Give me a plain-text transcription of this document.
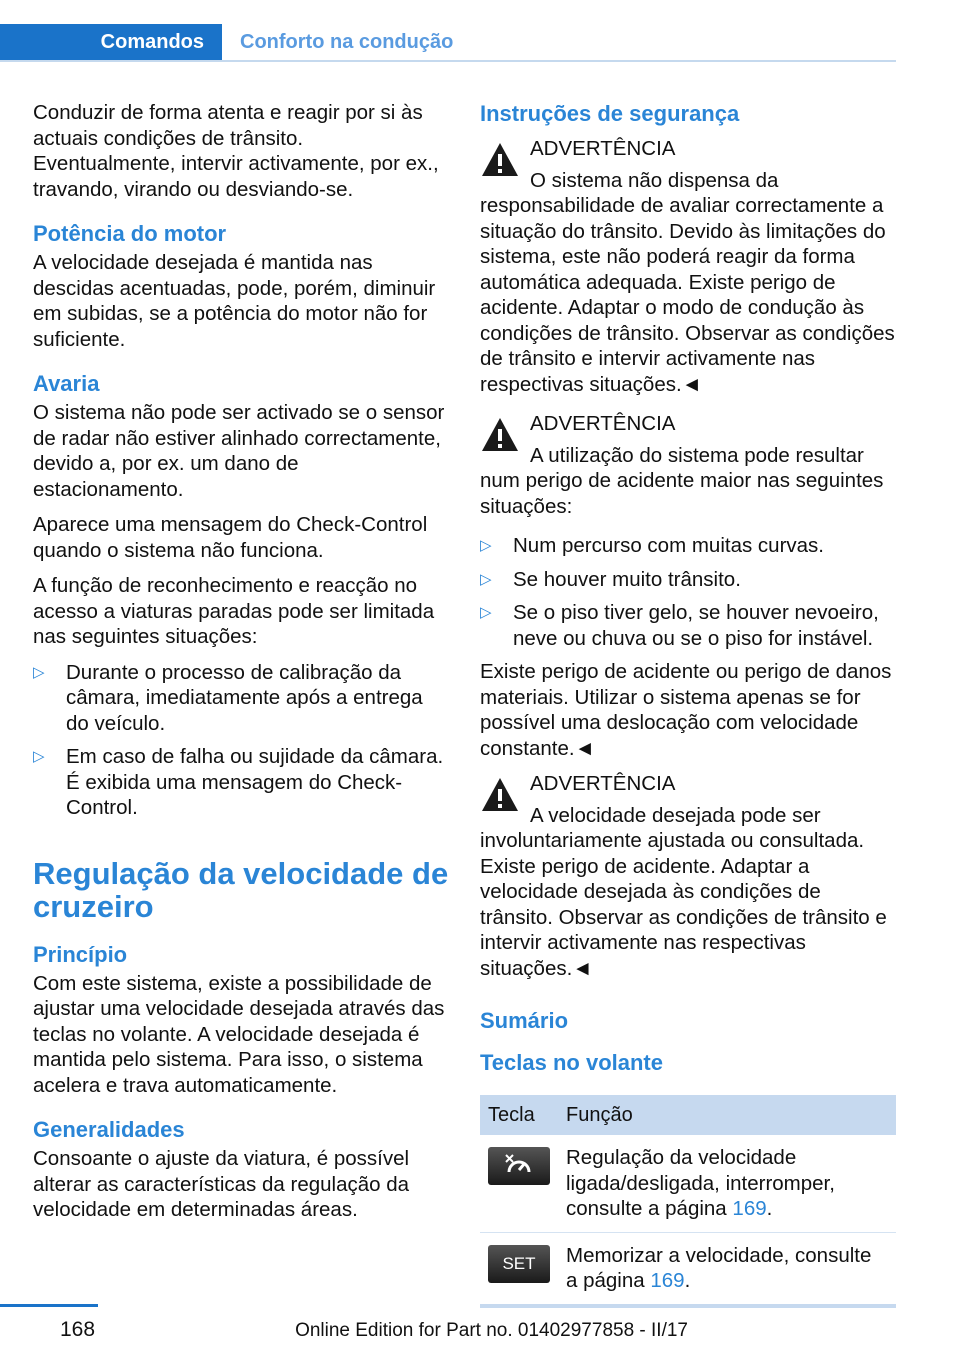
Comandos	Conforto na condução

Conduzir de forma atenta e reagir por si às actuais condições de trânsito. Eventualmente, intervir activamente, por ex., travando, virando ou desviando-se.

Potência do motor

A velocidade desejada é mantida nas descidas acentuadas, pode, porém, diminuir em subidas, se a potência do motor não for suficiente.

Avaria

O sistema não pode ser activado se o sensor de radar não estiver alinhado correctamente, devido a, por ex. um dano de estacionamento.

Aparece uma mensagem do Check-Control quando o sistema não funciona.

A função de reconhecimento e reacção no acesso a viaturas paradas pode ser limitada nas seguintes situações:

▷ Durante o processo de calibração da câmara, imediatamente após a entrega do veículo.
▷ Em caso de falha ou sujidade da câmara. É exibida uma mensagem do Check-Control.
Regulação da velocidade de cruzeiro
Princípio

Com este sistema, existe a possibilidade de ajustar uma velocidade desejada através das teclas no volante. A velocidade desejada é mantida pelo sistema. Para isso, o sistema acelera e trava automaticamente.

Generalidades

Consoante o ajuste da viatura, é possível alterar as características da regulação da velocidade em determinadas áreas.

Instruções de segurança
ADVERTÊNCIA

O sistema não dispensa da responsabilidade de avaliar correctamente a situação do trânsito. Devido às limitações do sistema, este não poderá reagir da forma automática adequada. Existe perigo de acidente. Adaptar o modo de condução às condições de trânsito. Observar as condições de trânsito e intervir activamente nas respectivas situações.◄

ADVERTÊNCIA

A utilização do sistema pode resultar num perigo de acidente maior nas seguintes situações:

▷ Num percurso com muitas curvas.
▷ Se houver muito trânsito.
▷ Se o piso tiver gelo, se houver nevoeiro, neve ou chuva ou se o piso for instável.

Existe perigo de acidente ou perigo de danos materiais. Utilizar o sistema apenas se for possível uma deslocação com velocidade constante.◄

ADVERTÊNCIA

A velocidade desejada pode ser involuntariamente ajustada ou consultada. Existe perigo de acidente. Adaptar a velocidade desejada às condições de trânsito. Observar as condições de trânsito e intervir activamente nas respectivas situações.◄

Sumário
Teclas no volante
Tecla	Função

	Regulação da velocidade ligada/desligada, interromper, consulte a página 169.

SET	Memorizar a velocidade, consulte a página 169.
168	Online Edition for Part no. 01402977858 - II/17
